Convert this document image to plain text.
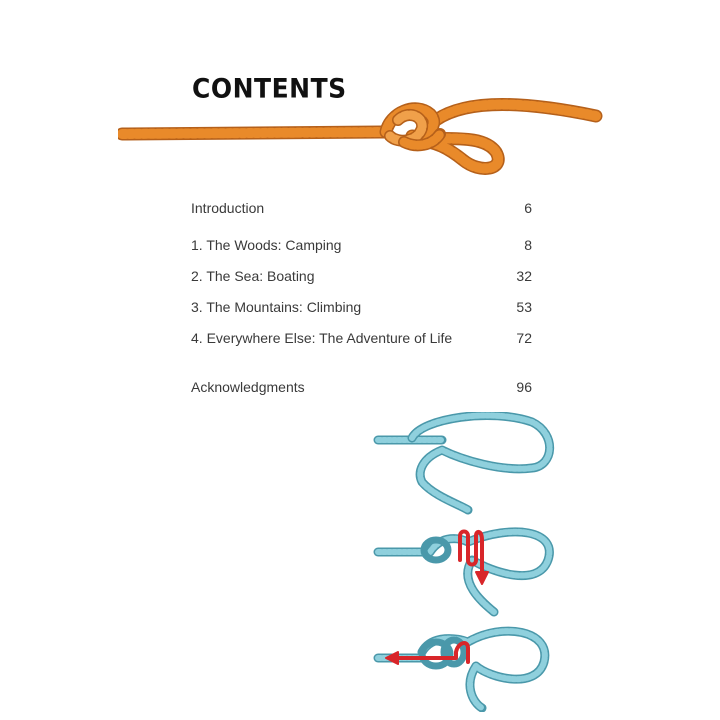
CONTENTS
Introduction	6
1. The Woods: Camping	8
2. The Sea: Boating	32
3. The Mountains: Climbing	53
4. Everywhere Else: The Adventure of Life	72
Acknowledgments	96
